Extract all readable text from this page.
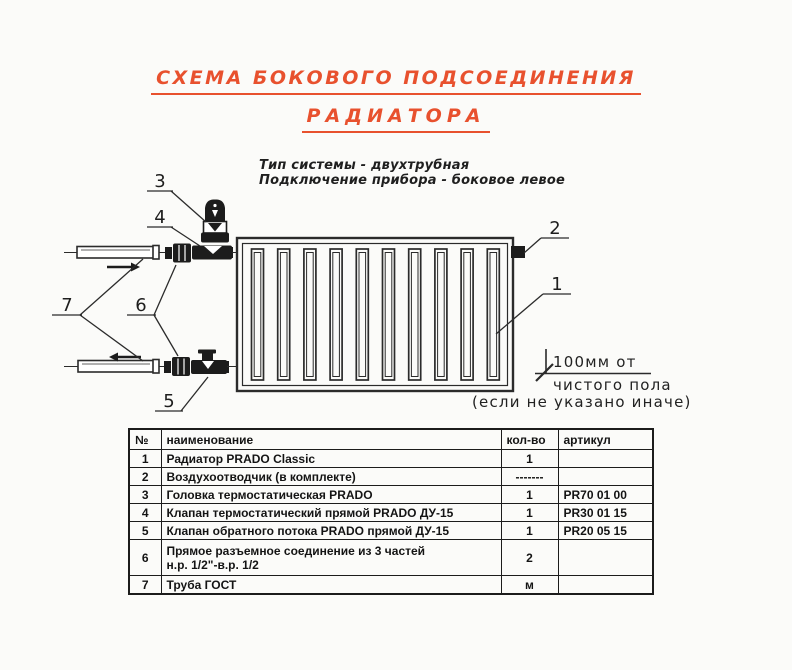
СХЕМА БОКОВОГО ПОДСОЕДИНЕНИЯ
РАДИАТОРА
Тип системы - двухтрубная
Подключение прибора - боковое левое
3
4
2
1
6
7
5
100мм от
чистого пола
(если не указано иначе)
№	наименование	кол-во	артикул
1	Радиатор PRADO Classic	1	
2	Воздухоотводчик (в комплекте)	-------	
3	Головка термостатическая PRADO	1	PR70 01 00
4	Клапан термостатический прямой PRADO ДУ-15	1	PR30 01 15
5	Клапан обратного потока PRADO прямой ДУ-15	1	PR20 05 15
6	Прямое разъемное соединение из 3 частей
н.р. 1/2"-в.р. 1/2	2	
7	Труба ГОСТ	м	
